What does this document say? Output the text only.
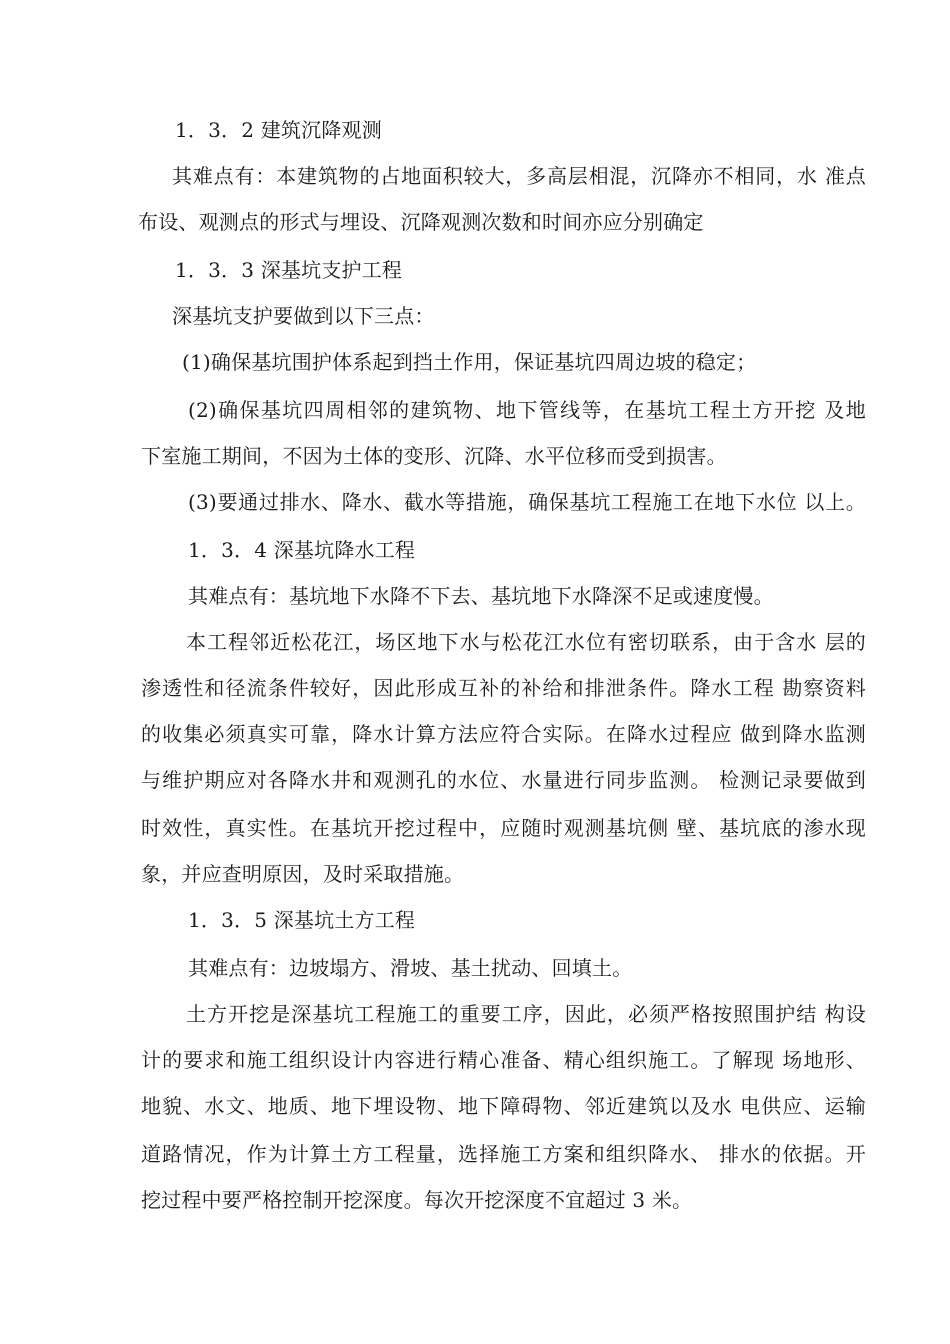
1．3．2 建筑沉降观测

其难点有：本建筑物的占地面积较大，多高层相混，沉降亦不相同，水 准点

布设、观测点的形式与埋设、沉降观测次数和时间亦应分别确定

1．3．3 深基坑支护工程

深基坑支护要做到以下三点：

(1)确保基坑围护体系起到挡土作用，保证基坑四周边坡的稳定；

(2)确保基坑四周相邻的建筑物、地下管线等，在基坑工程土方开挖 及地

下室施工期间，不因为土体的变形、沉降、水平位移而受到损害。

(3)要通过排水、降水、截水等措施，确保基坑工程施工在地下水位 以上。

1．3．4 深基坑降水工程

其难点有：基坑地下水降不下去、基坑地下水降深不足或速度慢。

本工程邻近松花江，场区地下水与松花江水位有密切联系，由于含水 层的

渗透性和径流条件较好，因此形成互补的补给和排泄条件。降水工程 勘察资料

的收集必须真实可靠，降水计算方法应符合实际。在降水过程应 做到降水监测

与维护期应对各降水井和观测孔的水位、水量进行同步监测。 检测记录要做到

时效性，真实性。在基坑开挖过程中，应随时观测基坑侧 壁、基坑底的渗水现

象，并应查明原因，及时采取措施。

1．3．5 深基坑土方工程

其难点有：边坡塌方、滑坡、基土扰动、回填土。

土方开挖是深基坑工程施工的重要工序，因此，必须严格按照围护结 构设

计的要求和施工组织设计内容进行精心准备、精心组织施工。了解现 场地形、

地貌、水文、地质、地下埋设物、地下障碍物、邻近建筑以及水 电供应、运输

道路情况，作为计算土方工程量，选择施工方案和组织降水、 排水的依据。开

挖过程中要严格控制开挖深度。每次开挖深度不宜超过 3 米。
